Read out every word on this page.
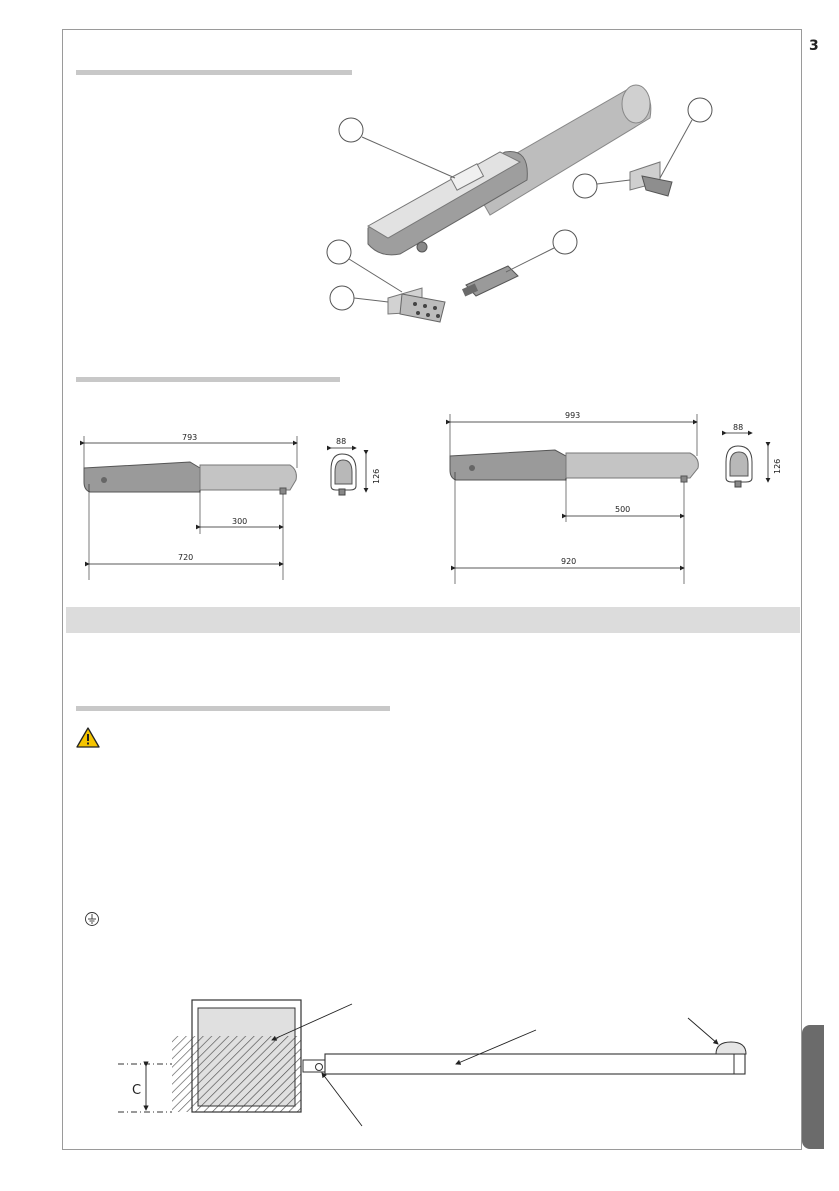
3
793
300
720
88
126
993
500
920
88
126
C
